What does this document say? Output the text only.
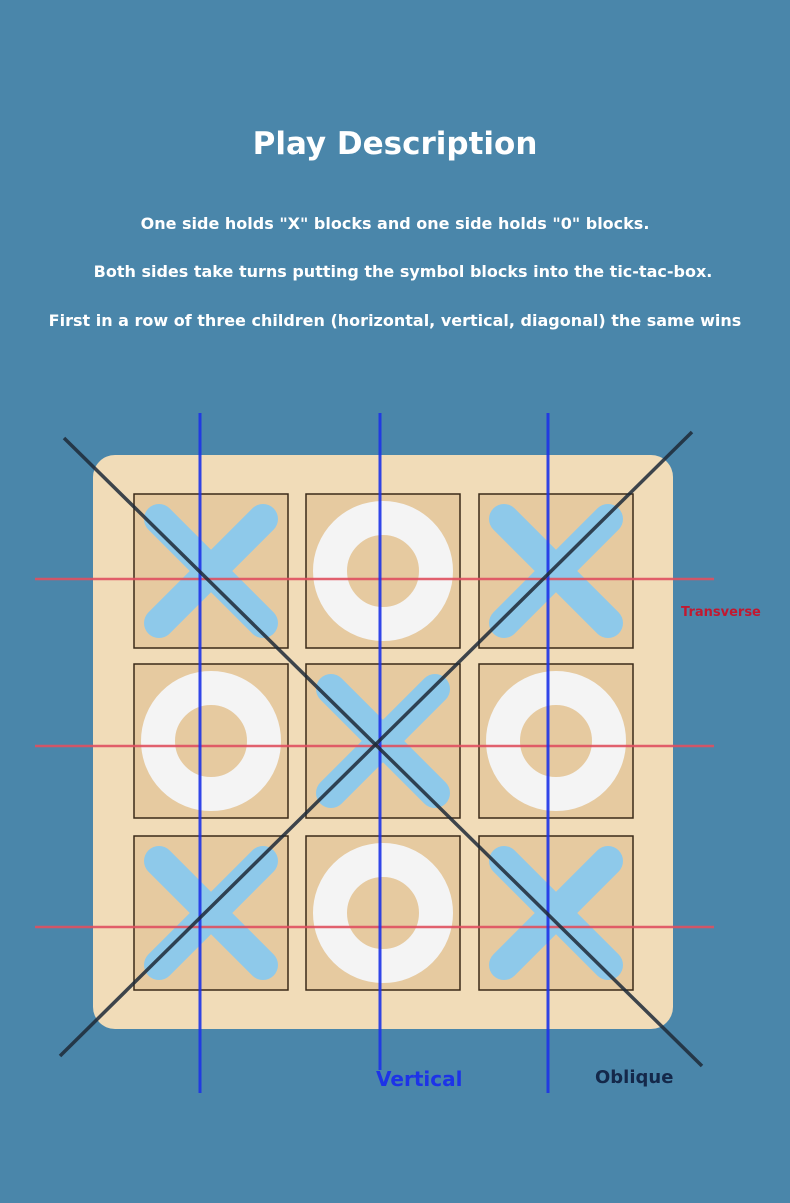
Play Description
One side holds "X" blocks and one side holds "0" blocks.
Both sides take turns putting the symbol blocks into the tic-tac-box.
First in a row of three children (horizontal, vertical, diagonal) the same wins
Transverse
Vertical	Oblique
